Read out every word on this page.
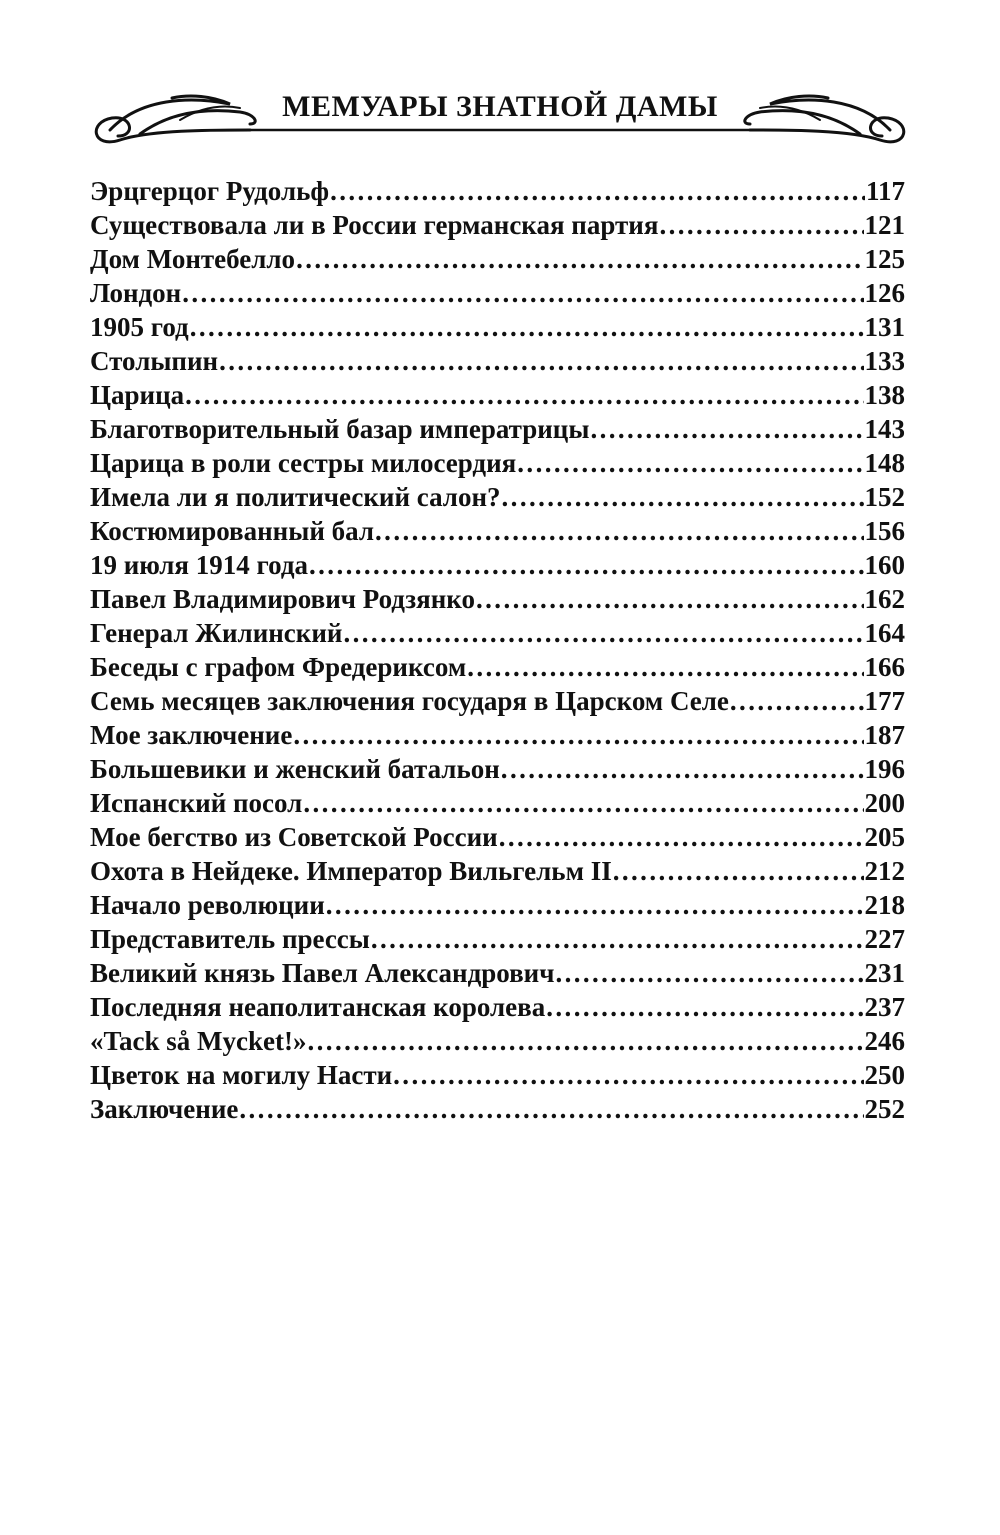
МЕМУАРЫ ЗНАТНОЙ ДАМЫ
Эрцгерцог Рудольф .....	117
Существовала ли в России германская партия .....	121
Дом Монтебелло .....	125
Лондон .....	126
1905 год .....	131
Столыпин .....	133
Царица .....	138
Благотворительный базар императрицы .....	143
Царица в роли сестры милосердия .....	148
Имела ли я политический салон? .....	152
Костюмированный бал .....	156
19 июля 1914 года .....	160
Павел Владимирович Родзянко .....	162
Генерал Жилинский .....	164
Беседы с графом Фредериксом .....	166
Семь месяцев заключения государя в Царском Селе .....	177
Мое заключение .....	187
Большевики и женский батальон .....	196
Испанский посол .....	200
Мое бегство из Советской России .....	205
Охота в Нейдеке. Император Вильгельм II .....	212
Начало революции .....	218
Представитель прессы .....	227
Великий князь Павел Александрович .....	231
Последняя неаполитанская королева .....	237
«Tack så Mycket!» .....	246
Цветок на могилу Насти .....	250
Заключение .....	252
